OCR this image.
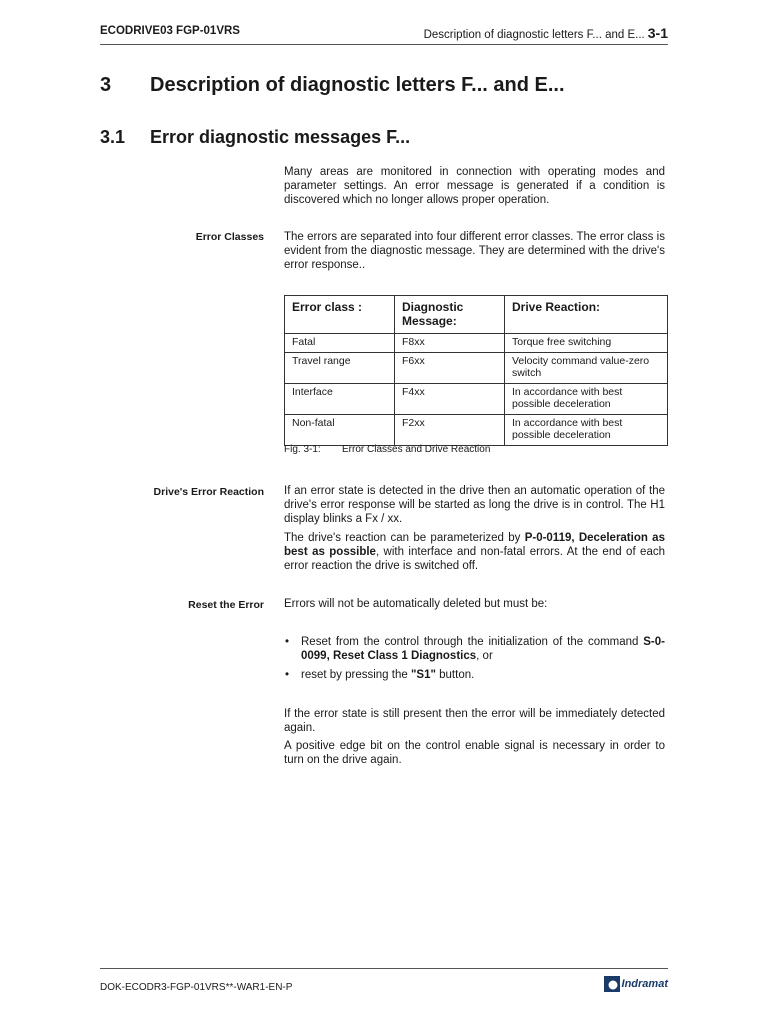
ECODRIVE03 FGP-01VRS	Description of diagnostic letters F... and E... 3-1
3 Description of diagnostic letters F... and E...
3.1 Error diagnostic messages F...
Many areas are monitored in connection with operating modes and parameter settings. An error message is generated if a condition is discovered which no longer allows proper operation.
Error Classes The errors are separated into four different error classes. The error class is evident from the diagnostic message. They are determined with the drive's error response..
Error class :	Diagnostic Message:	Drive Reaction:
Fatal	F8xx	Torque free switching
Travel range	F6xx	Velocity command value-zero switch
Interface	F4xx	In accordance with best possible deceleration
Non-fatal	F2xx	In accordance with best possible deceleration
Fig. 3-1: Error Classes and Drive Reaction
Drive's Error Reaction If an error state is detected in the drive then an automatic operation of the drive's error response will be started as long the drive is in control. The H1 display blinks a Fx / xx.
The drive's reaction can be parameterized by P-0-0119, Deceleration as best as possible, with interface and non-fatal errors. At the end of each error reaction the drive is switched off.
Reset the Error Errors will not be automatically deleted but must be:
• Reset from the control through the initialization of the command S-0-0099, Reset Class 1 Diagnostics, or
• reset by pressing the "S1" button.
If the error state is still present then the error will be immediately detected again.
A positive edge bit on the control enable signal is necessary in order to turn on the drive again.
DOK-ECODR3-FGP-01VRS**-WAR1-EN-P	Indramat
